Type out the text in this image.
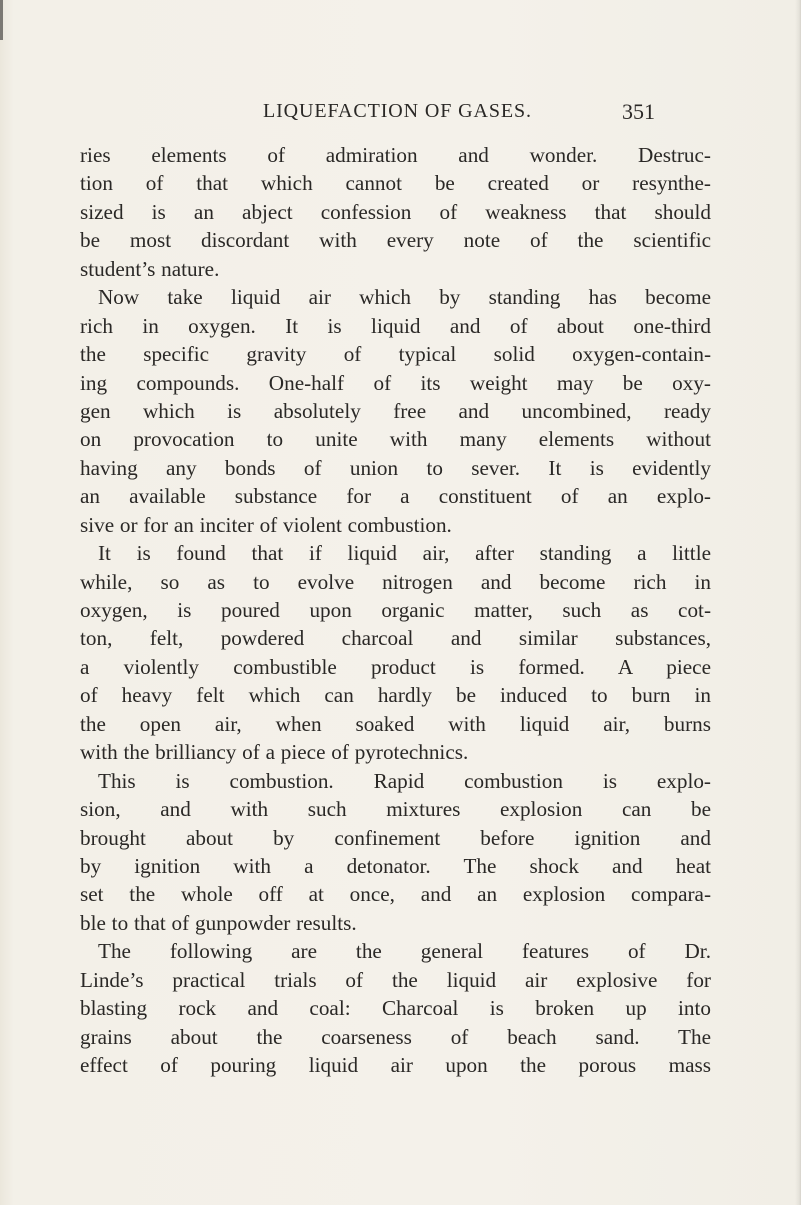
LIQUEFACTION OF GASES.	351
ries elements of admiration and wonder. Destruc-
tion of that which cannot be created or resynthe-
sized is an abject confession of weakness that should
be most discordant with every note of the scientific
student’s nature.
Now take liquid air which by standing has become
rich in oxygen. It is liquid and of about one-third
the specific gravity of typical solid oxygen-contain-
ing compounds. One-half of its weight may be oxy-
gen which is absolutely free and uncombined, ready
on provocation to unite with many elements without
having any bonds of union to sever. It is evidently
an available substance for a constituent of an explo-
sive or for an inciter of violent combustion.
It is found that if liquid air, after standing a little
while, so as to evolve nitrogen and become rich in
oxygen, is poured upon organic matter, such as cot-
ton, felt, powdered charcoal and similar substances,
a violently combustible product is formed. A piece
of heavy felt which can hardly be induced to burn in
the open air, when soaked with liquid air, burns
with the brilliancy of a piece of pyrotechnics.
This is combustion. Rapid combustion is explo-
sion, and with such mixtures explosion can be
brought about by confinement before ignition and
by ignition with a detonator. The shock and heat
set the whole off at once, and an explosion compara-
ble to that of gunpowder results.
The following are the general features of Dr.
Linde’s practical trials of the liquid air explosive for
blasting rock and coal: Charcoal is broken up into
grains about the coarseness of beach sand. The
effect of pouring liquid air upon the porous mass
